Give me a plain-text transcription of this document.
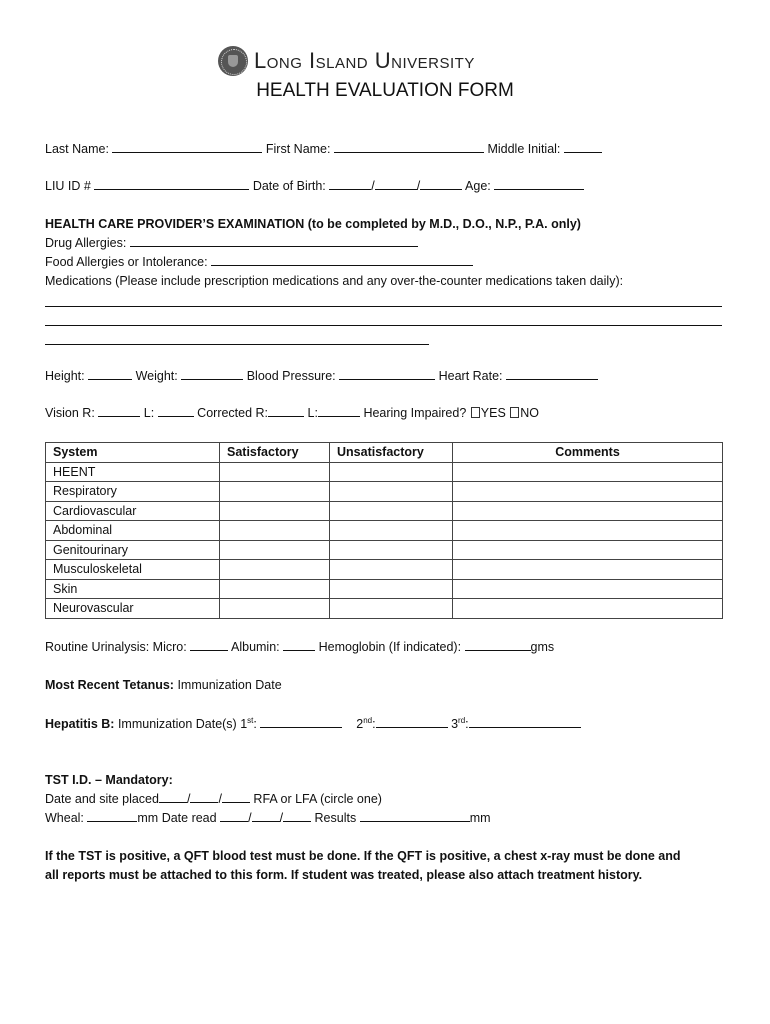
Long Island University
HEALTH EVALUATION FORM
Last Name:	First Name:	Middle Initial:
LIU ID #	Date of Birth:	/	/	Age:
HEALTH CARE PROVIDER’S EXAMINATION (to be completed by M.D., D.O., N.P., P.A. only)
Drug Allergies:
Food Allergies or Intolerance:
Medications (Please include prescription medications and any over-the-counter medications taken daily):
Height:	Weight:	Blood Pressure:	Heart Rate:
Vision R:	L:	Corrected R:	L:	Hearing Impaired? YES NO
System	Satisfactory	Unsatisfactory	Comments
HEENT			
Respiratory			
Cardiovascular			
Abdominal			
Genitourinary			
Musculoskeletal			
Skin			
Neurovascular			
Routine Urinalysis: Micro:	Albumin:	Hemoglobin (If indicated):	gms
Most Recent Tetanus: Immunization Date
Hepatitis B: Immunization Date(s) 1st:	2nd:	3rd:
TST I.D. – Mandatory:
Date and site placed / /	RFA or LFA (circle one)
Wheal:	mm Date read	/ /	Results	mm
If the TST is positive, a QFT blood test must be done. If the QFT is positive, a chest x-ray must be done and
all reports must be attached to this form. If student was treated, please also attach treatment history.
